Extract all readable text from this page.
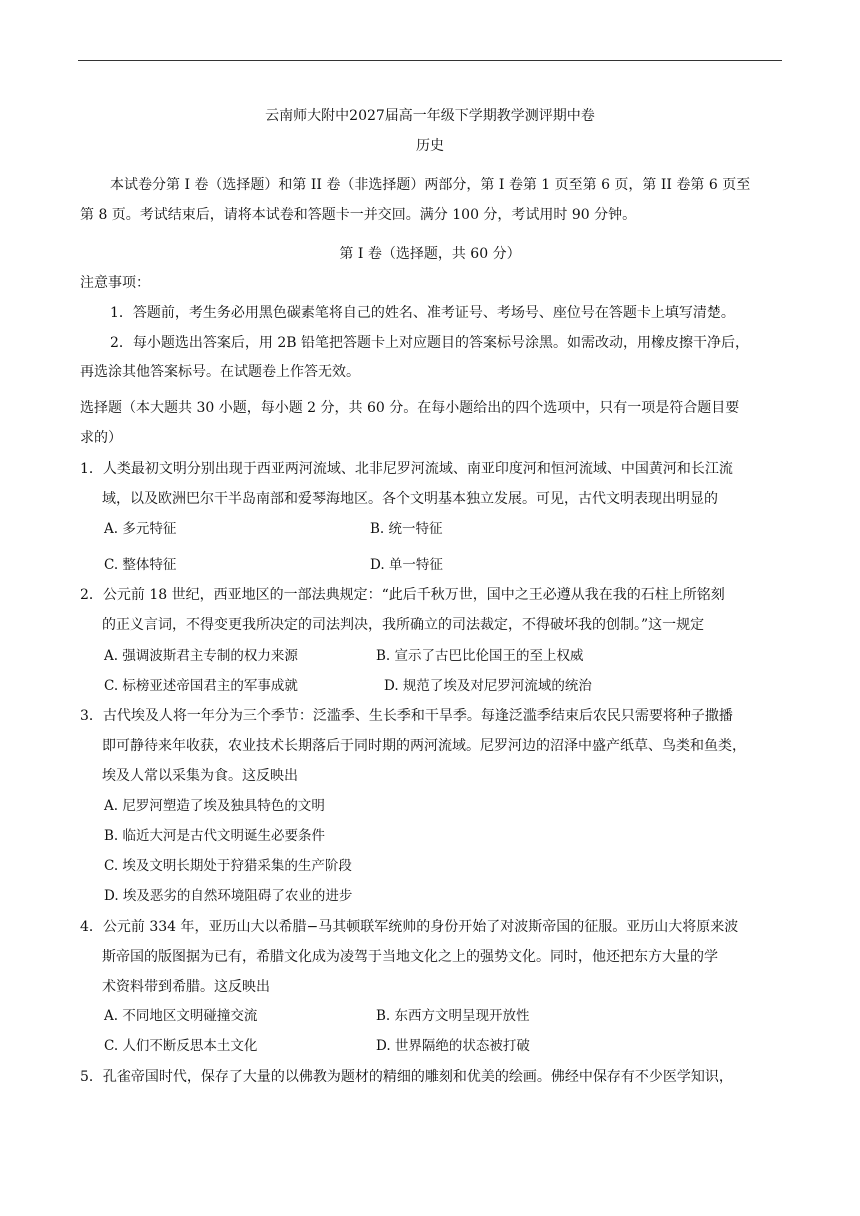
云南师大附中2027届高一年级下学期教学测评期中卷
历史
本试卷分第 I 卷（选择题）和第 II 卷（非选择题）两部分，第 I 卷第 1 页至第 6 页，第 II 卷第 6 页至
第 8 页。考试结束后，请将本试卷和答题卡一并交回。满分 100 分，考试用时 90 分钟。
第 I 卷（选择题，共 60 分）
注意事项：
1．答题前，考生务必用黑色碳素笔将自己的姓名、准考证号、考场号、座位号在答题卡上填写清楚。
2．每小题选出答案后，用 2B 铅笔把答题卡上对应题目的答案标号涂黑。如需改动，用橡皮擦干净后，
再选涂其他答案标号。在试题卷上作答无效。
选择题（本大题共 30 小题，每小题 2 分，共 60 分。在每小题给出的四个选项中，只有一项是符合题目要
求的）
1．人类最初文明分别出现于西亚两河流域、北非尼罗河流域、南亚印度河和恒河流域、中国黄河和长江流
域，以及欧洲巴尔干半岛南部和爱琴海地区。各个文明基本独立发展。可见，古代文明表现出明显的
A. 多元特征	B. 统一特征
C. 整体特征	D. 单一特征
2．公元前 18 世纪，西亚地区的一部法典规定：“此后千秋万世，国中之王必遵从我在我的石柱上所铭刻
的正义言词，不得变更我所决定的司法判决，我所确立的司法裁定，不得破坏我的创制。”这一规定
A. 强调波斯君主专制的权力来源	B. 宣示了古巴比伦国王的至上权威
C. 标榜亚述帝国君主的军事成就	D. 规范了埃及对尼罗河流域的统治
3．古代埃及人将一年分为三个季节：泛滥季、生长季和干旱季。每逢泛滥季结束后农民只需要将种子撒播
即可静待来年收获，农业技术长期落后于同时期的两河流域。尼罗河边的沼泽中盛产纸草、鸟类和鱼类，
埃及人常以采集为食。这反映出
A. 尼罗河塑造了埃及独具特色的文明
B. 临近大河是古代文明诞生必要条件
C. 埃及文明长期处于狩猎采集的生产阶段
D. 埃及恶劣的自然环境阻碍了农业的进步
4．公元前 334 年，亚历山大以希腊−马其顿联军统帅的身份开始了对波斯帝国的征服。亚历山大将原来波
斯帝国的版图据为已有，希腊文化成为凌驾于当地文化之上的强势文化。同时，他还把东方大量的学
术资料带到希腊。这反映出
A. 不同地区文明碰撞交流	B. 东西方文明呈现开放性
C. 人们不断反思本土文化	D. 世界隔绝的状态被打破
5．孔雀帝国时代，保存了大量的以佛教为题材的精细的雕刻和优美的绘画。佛经中保存有不少医学知识，
